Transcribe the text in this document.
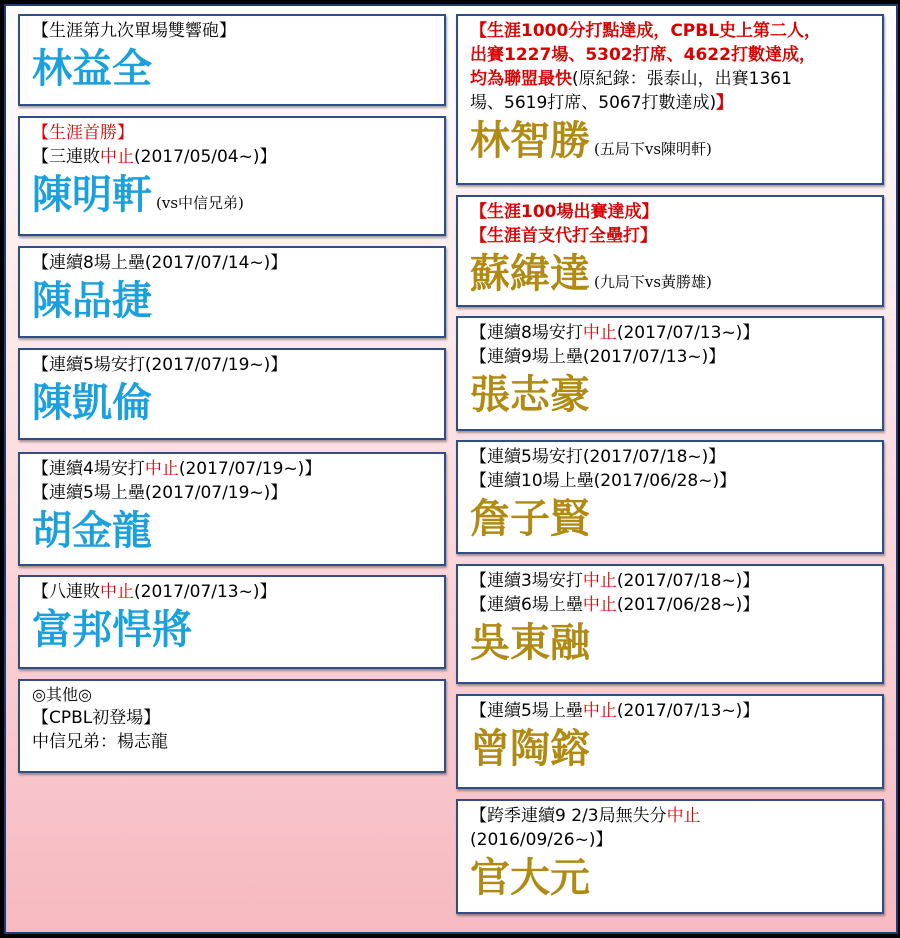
【生涯第九次單場雙響砲】
林益全
【生涯首勝】
【三連敗中止(2017/05/04~)】
陳明軒 (vs中信兄弟)
【連續8場上壘(2017/07/14~)】
陳品捷
【連續5場安打(2017/07/19~)】
陳凱倫
【連續4場安打中止(2017/07/19~)】
【連續5場上壘(2017/07/19~)】
胡金龍
【八連敗中止(2017/07/13~)】
富邦悍將
【生涯1000分打點達成，CPBL史上第二人，
出賽1227場、5302打席、4622打數達成，
均為聯盟最快(原紀錄：張泰山，出賽1361
場、5619打席、5067打數達成)】
林智勝 (五局下vs陳明軒)
【生涯100場出賽達成】
【生涯首支代打全壘打】
蘇緯達 (九局下vs黃勝雄)
【連續8場安打中止(2017/07/13~)】
【連續9場上壘(2017/07/13~)】
張志豪
【連續5場安打(2017/07/18~)】
【連續10場上壘(2017/06/28~)】
詹子賢
【連續3場安打中止(2017/07/18~)】
【連續6場上壘中止(2017/06/28~)】
吳東融
【連續5場上壘中止(2017/07/13~)】
曾陶鎔
【跨季連續9 2/3局無失分中止
(2016/09/26~)】
官大元
◎其他◎
【CPBL初登場】
中信兄弟：楊志龍
